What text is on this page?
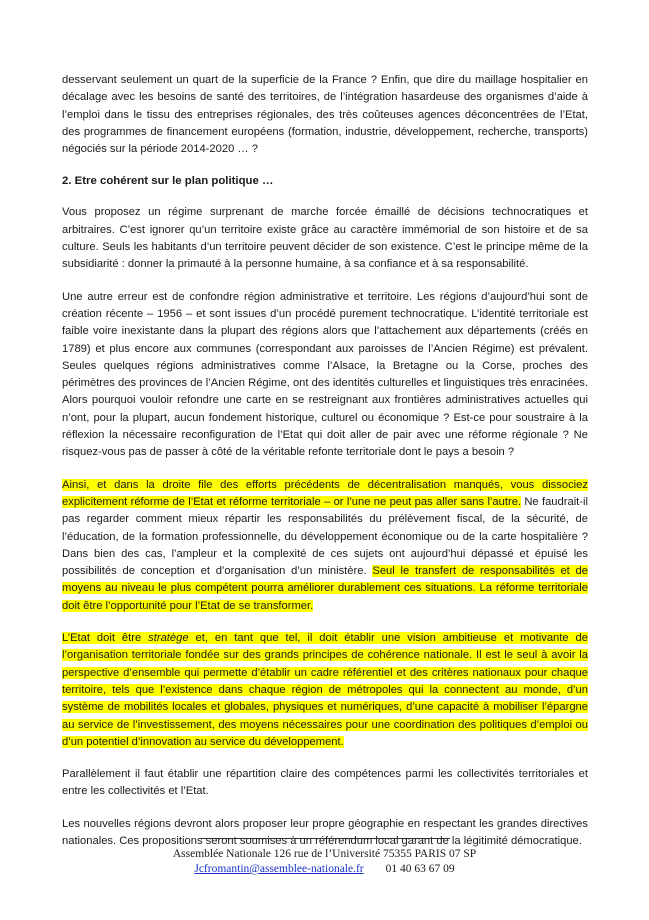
desservant seulement un quart de la superficie de la France ? Enfin, que dire du maillage hospitalier en décalage avec les besoins de santé des territoires, de l’intégration hasardeuse des organismes d’aide à l’emploi dans le tissu des entreprises régionales, des très coûteuses agences déconcentrées de l’Etat, des programmes de financement européens (formation, industrie, développement, recherche, transports) négociés sur la période 2014-2020 … ?

2. Etre cohérent sur le plan politique …

Vous proposez un régime surprenant de marche forcée émaillé de décisions technocratiques et arbitraires. C’est ignorer qu’un territoire existe grâce au caractère immémorial de son histoire et de sa culture. Seuls les habitants d’un territoire peuvent décider de son existence. C’est le principe même de la subsidiarité : donner la primauté à la personne humaine, à sa confiance et à sa responsabilité.

Une autre erreur est de confondre région administrative et territoire. Les régions d’aujourd’hui sont de création récente – 1956 – et sont issues d’un procédé purement technocratique. L’identité territoriale est faible voire inexistante dans la plupart des régions alors que l’attachement aux départements (créés en 1789) et plus encore aux communes (correspondant aux paroisses de l’Ancien Régime) est prévalent. Seules quelques régions administratives comme l’Alsace, la Bretagne ou la Corse, proches des périmètres des provinces de l’Ancien Régime, ont des identités culturelles et linguistiques très enracinées. Alors pourquoi vouloir refondre une carte en se restreignant aux frontières administratives actuelles qui n’ont, pour la plupart, aucun fondement historique, culturel ou économique ? Est-ce pour soustraire à la réflexion la nécessaire reconfiguration de l’Etat qui doit aller de pair avec une réforme régionale ? Ne risquez-vous pas de passer à côté de la véritable refonte territoriale dont le pays a besoin ?

Ainsi, et dans la droite file des efforts précédents de décentralisation manqués, vous dissociez explicitement réforme de l’Etat et réforme territoriale – or l’une ne peut pas aller sans l’autre. Ne faudrait-il pas regarder comment mieux répartir les responsabilités du prélèvement fiscal, de la sécurité, de l’éducation, de la formation professionnelle, du développement économique ou de la carte hospitalière ? Dans bien des cas, l’ampleur et la complexité de ces sujets ont aujourd’hui dépassé et épuisé les possibilités de conception et d’organisation d’un ministère. Seul le transfert de responsabilités et de moyens au niveau le plus compétent pourra améliorer durablement ces situations. La réforme territoriale doit être l’opportunité pour l’Etat de se transformer.

L’Etat doit être stratège et, en tant que tel, il doit établir une vision ambitieuse et motivante de l’organisation territoriale fondée sur des grands principes de cohérence nationale. Il est le seul à avoir la perspective d’ensemble qui permette d’établir un cadre référentiel et des critères nationaux pour chaque territoire, tels que l’existence dans chaque région de métropoles qui la connectent au monde, d’un système de mobilités locales et globales, physiques et numériques, d’une capacité à mobiliser l’épargne au service de l’investissement, des moyens nécessaires pour une coordination des politiques d’emploi ou d’un potentiel d’innovation au service du développement.

Parallèlement il faut établir une répartition claire des compétences parmi les collectivités territoriales et entre les collectivités et l’Etat.

Les nouvelles régions devront alors proposer leur propre géographie en respectant les grandes directives nationales. Ces propositions seront soumises à un référendum local garant de la légitimité démocratique.

Assemblée Nationale 126 rue de l’Université 75355 PARIS 07 SP
Jcfromantin@assemblee-nationale.fr 01 40 63 67 09
